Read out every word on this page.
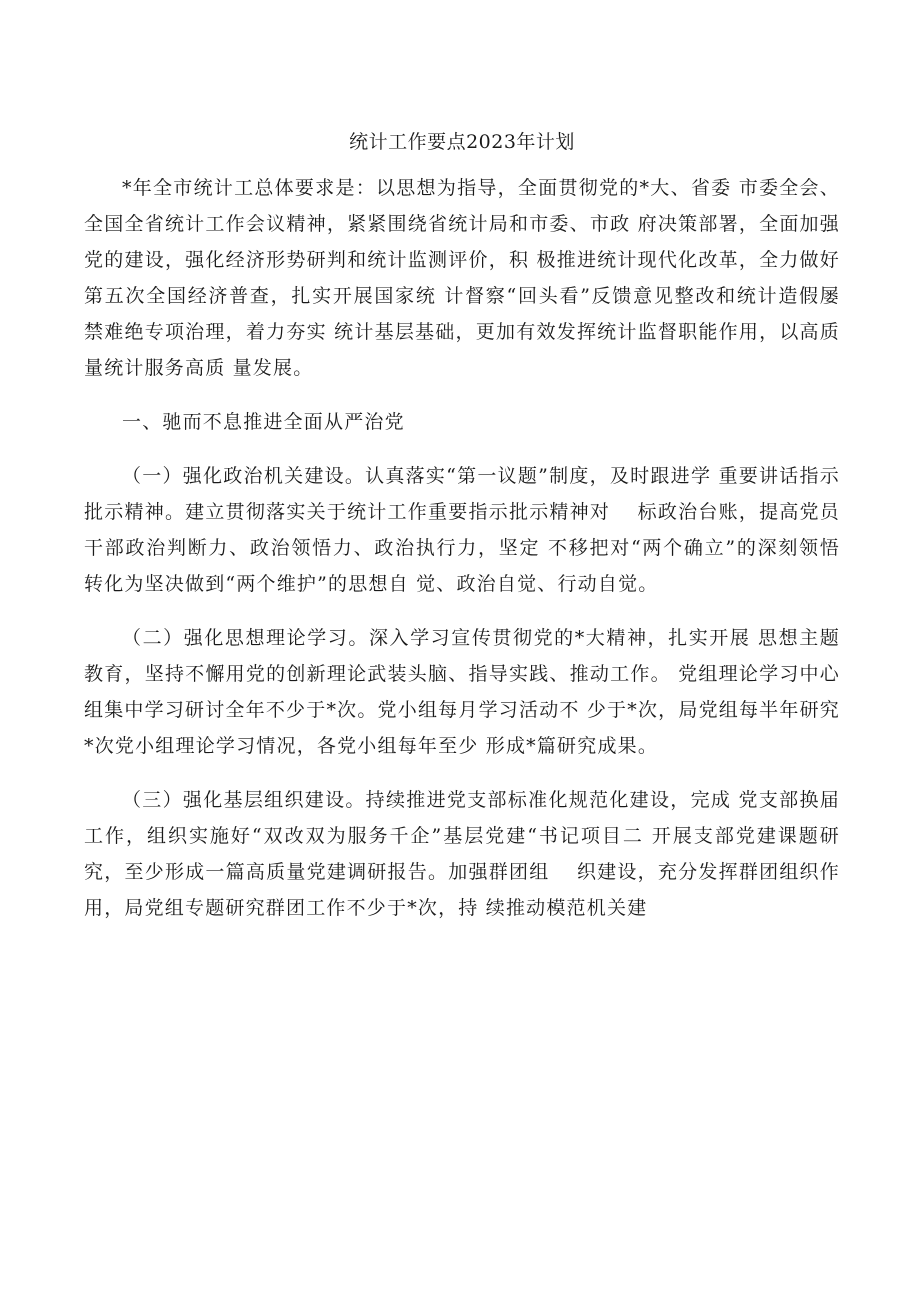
统计工作要点2023年计划

*年全市统计工总体要求是：以思想为指导，全面贯彻党的*大、省委 市委全会、全国全省统计工作会议精神，紧紧围绕省统计局和市委、市政 府决策部署，全面加强党的建设，强化经济形势研判和统计监测评价，积 极推进统计现代化改革，全力做好第五次全国经济普查，扎实开展国家统 计督察“回头看”反馈意见整改和统计造假屡禁难绝专项治理，着力夯实 统计基层基础，更加有效发挥统计监督职能作用，以高质量统计服务高质 量发展。

一、驰而不息推进全面从严治党

（一）强化政治机关建设。认真落实“第一议题”制度，及时跟进学 重要讲话指示批示精神。建立贯彻落实关于统计工作重要指示批示精神对　 标政治台账，提高党员干部政治判断力、政治领悟力、政治执行力，坚定 不移把对“两个确立”的深刻领悟转化为坚决做到“两个维护”的思想自 觉、政治自觉、行动自觉。

（二）强化思想理论学习。深入学习宣传贯彻党的*大精神，扎实开展 思想主题教育，坚持不懈用党的创新理论武装头脑、指导实践、推动工作。 党组理论学习中心组集中学习研讨全年不少于*次。党小组每月学习活动不 少于*次，局党组每半年研究*次党小组理论学习情况，各党小组每年至少 形成*篇研究成果。

（三）强化基层组织建设。持续推进党支部标准化规范化建设，完成 党支部换届工作，组织实施好“双改双为服务千企”基层党建“书记项目二 开展支部党建课题研究，至少形成一篇高质量党建调研报告。加强群团组　 织建设，充分发挥群团组织作用，局党组专题研究群团工作不少于*次，持 续推动模范机关建
